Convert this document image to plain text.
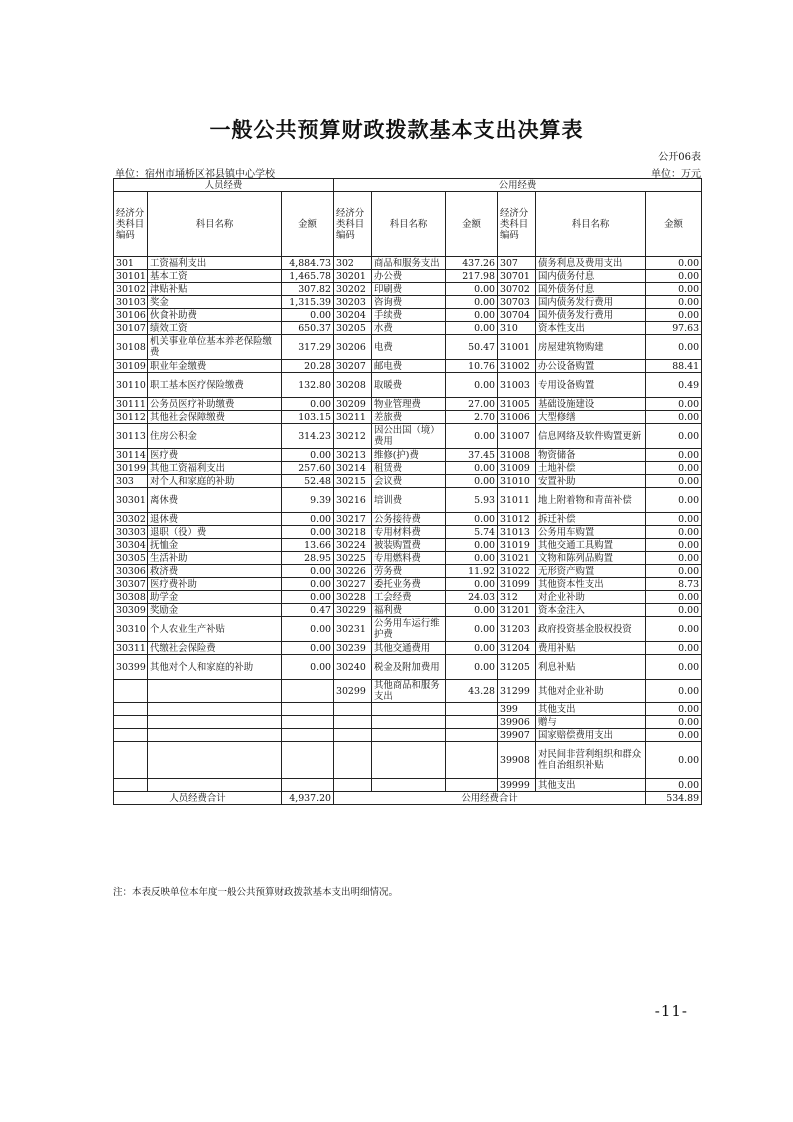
一般公共预算财政拨款基本支出决算表
公开06表
单位：宿州市埇桥区祁县镇中心学校	单位：万元
人员经费			公用经费					
经济分类科目编码	科目名称	金额	经济分类科目编码	科目名称	金额	经济分类科目编码	科目名称	金额
301	工资福利支出	4,884.73	302	商品和服务支出	437.26	307	债务利息及费用支出	0.00
30101	基本工资	1,465.78	30201	办公费	217.98	30701	国内债务付息	0.00
30102	津贴补贴	307.82	30202	印刷费	0.00	30702	国外债务付息	0.00
30103	奖金	1,315.39	30203	咨询费	0.00	30703	国内债务发行费用	0.00
30106	伙食补助费	0.00	30204	手续费	0.00	30704	国外债务发行费用	0.00
30107	绩效工资	650.37	30205	水费	0.00	310	资本性支出	97.63
30108	机关事业单位基本养老保险缴费	317.29	30206	电费	50.47	31001	房屋建筑物购建	0.00
30109	职业年金缴费	20.28	30207	邮电费	10.76	31002	办公设备购置	88.41
30110	职工基本医疗保险缴费	132.80	30208	取暖费	0.00	31003	专用设备购置	0.49
30111	公务员医疗补助缴费	0.00	30209	物业管理费	27.00	31005	基础设施建设	0.00
30112	其他社会保障缴费	103.15	30211	差旅费	2.70	31006	大型修缮	0.00
30113	住房公积金	314.23	30212	因公出国（境）费用	0.00	31007	信息网络及软件购置更新	0.00
30114	医疗费	0.00	30213	维修(护)费	37.45	31008	物资储备	0.00
30199	其他工资福利支出	257.60	30214	租赁费	0.00	31009	土地补偿	0.00
303	对个人和家庭的补助	52.48	30215	会议费	0.00	31010	安置补助	0.00
30301	离休费	9.39	30216	培训费	5.93	31011	地上附着物和青苗补偿	0.00
30302	退休费	0.00	30217	公务接待费	0.00	31012	拆迁补偿	0.00
30303	退职（役）费	0.00	30218	专用材料费	5.74	31013	公务用车购置	0.00
30304	抚恤金	13.66	30224	被装购置费	0.00	31019	其他交通工具购置	0.00
30305	生活补助	28.95	30225	专用燃料费	0.00	31021	文物和陈列品购置	0.00
30306	救济费	0.00	30226	劳务费	11.92	31022	无形资产购置	0.00
30307	医疗费补助	0.00	30227	委托业务费	0.00	31099	其他资本性支出	8.73
30308	助学金	0.00	30228	工会经费	24.03	312	对企业补助	0.00
30309	奖励金	0.47	30229	福利费	0.00	31201	资本金注入	0.00
30310	个人农业生产补贴	0.00	30231	公务用车运行维护费	0.00	31203	政府投资基金股权投资	0.00
30311	代缴社会保险费	0.00	30239	其他交通费用	0.00	31204	费用补贴	0.00
30399	其他对个人和家庭的补助	0.00	30240	税金及附加费用	0.00	31205	利息补贴	0.00
			30299	其他商品和服务支出	43.28	31299	其他对企业补助	0.00
						399	其他支出	0.00
						39906	赠与	0.00
						39907	国家赔偿费用支出	0.00
						39908	对民间非营利组织和群众性自治组织补贴	0.00
						39999	其他支出	0.00
人员经费合计		4,937.20	公用经费合计					534.89
注：本表反映单位本年度一般公共预算财政拨款基本支出明细情况。
-11-
